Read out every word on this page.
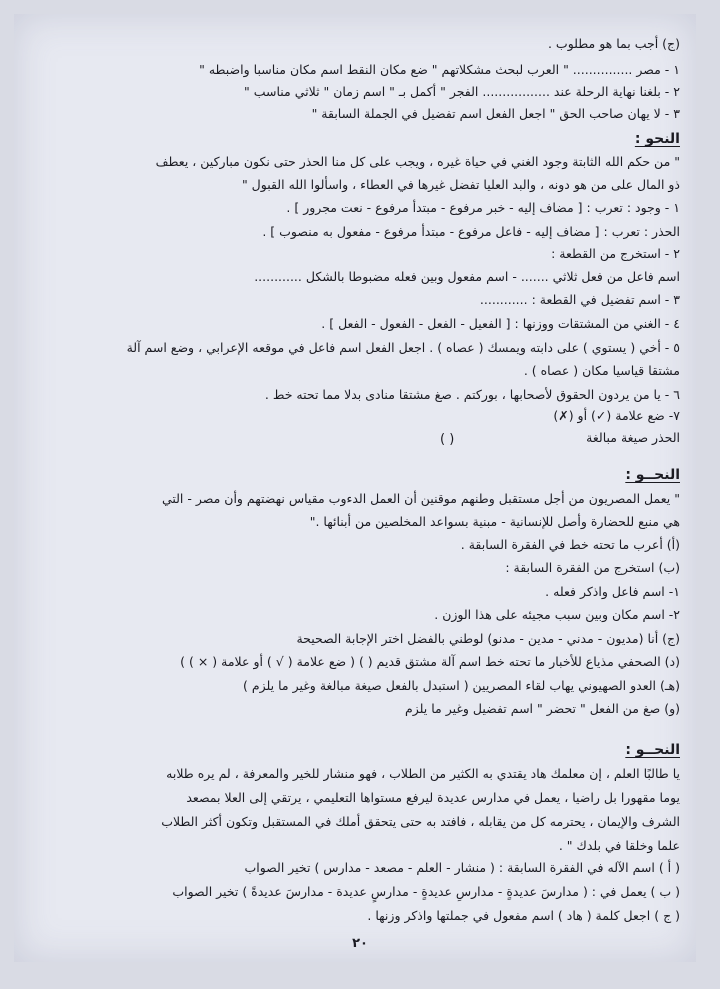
(ج) أجب بما هو مطلوب .
١ - مصر ............... " العرب لبحث مشكلاتهم " ضع مكان النقط اسم مكان مناسبا واضبطه "
٢ - بلغنا نهاية الرحلة عند ................. الفجر " أكمل بـ " اسم زمان " ثلاثي مناسب "
٣ - لا يهان صاحب الحق " اجعل الفعل اسم تفضيل في الجملة السابقة "
النحو :
" من حكم الله الثابتة وجود الغني في حياة غيره ، ويجب على كل منا الحذر حتى نكون مباركين ، يعطف
ذو المال على من هو دونه ، والبد العليا تفضل غيرها في العطاء ، واسألوا الله القبول "
١ - وجود : تعرب : [ مضاف إليه - خبر مرفوع - مبتدأ مرفوع - نعت مجرور ] .
الحذر : تعرب : [ مضاف إليه - فاعل مرفوع - مبتدأ مرفوع - مفعول به منصوب ] .
٢ - استخرج من القطعة :
اسم فاعل من فعل ثلاثي ....... - اسم مفعول وبين فعله مضبوطا بالشكل ............
٣ - اسم تفضيل في القطعة : ............
٤ - الغني من المشتقات ووزنها : [ الفعيل - الفعل - الفعول - الفعل ] .
٥ - أخي ( يستوي ) على دابته ويمسك ( عصاه ) . اجعل الفعل اسم فاعل في موقعه الإعرابي ، وضع اسم آلة
مشتقا قياسيا مكان ( عصاه ) .
٦ - يا من يردون الحقوق لأصحابها ، بوركتم . صغ مشتقا منادى بدلا مما تحته خط .
٧- ضع علامة (✓) أو (✗)
الحذر صيغة مبالغة
النحــو :
" يعمل المصريون من أجل مستقبل وطنهم موقنين أن العمل الدءوب مقياس نهضتهم وأن مصر - التي
هي منبع للحضارة وأصل للإنسانية - مبنية بسواعد المخلصين من أبنائها ."
(أ) أعرب ما تحته خط في الفقرة السابقة .
(ب) استخرج من الفقرة السابقة :
١- اسم فاعل واذكر فعله .
٢- اسم مكان وبين سبب مجيئه على هذا الوزن .
(ج) أنا (مديون - مدني - مدين - مدنو) لوطني بالفضل اختر الإجابة الصحيحة
(د) الصحفي مذياع للأخبار ما تحته خط اسم آلة مشتق قديم ( ) ( ضع علامة ( √ ) أو علامة ( × ) )
(هـ) العدو الصهيوني يهاب لقاء المصريين ( استبدل بالفعل صيغة مبالغة وغير ما يلزم )
(و) صغ من الفعل " تحضر " اسم تفضيل وغير ما يلزم
النحــو :
يا طالبًا العلم ، إن معلمك هاد يقتدي به الكثير من الطلاب ، فهو منشار للخير والمعرفة ، لم يره طلابه
يوما مقهورا بل راضيا ، يعمل في مدارس عديدة ليرفع مستواها التعليمي ، يرتقي إلى العلا بمصعد
الشرف والإيمان ، يحترمه كل من يقابله ، فافتد به حتى يتحقق أملك في المستقبل وتكون أكثر الطلاب
علما وخلقا في بلدك " .
( أ ) اسم الآله في الفقرة السابقة : ( منشار - العلم - مصعد - مدارس ) تخير الصواب
( ب ) يعمل في : ( مدارسَ عديدةٍ - مدارسِ عديدةٍ - مدارسٍ عديدة - مدارسَ عديدةً ) تخير الصواب
( ج ) اجعل كلمة ( هاد ) اسم مفعول في جملتها واذكر وزنها .
( )
٢٠
